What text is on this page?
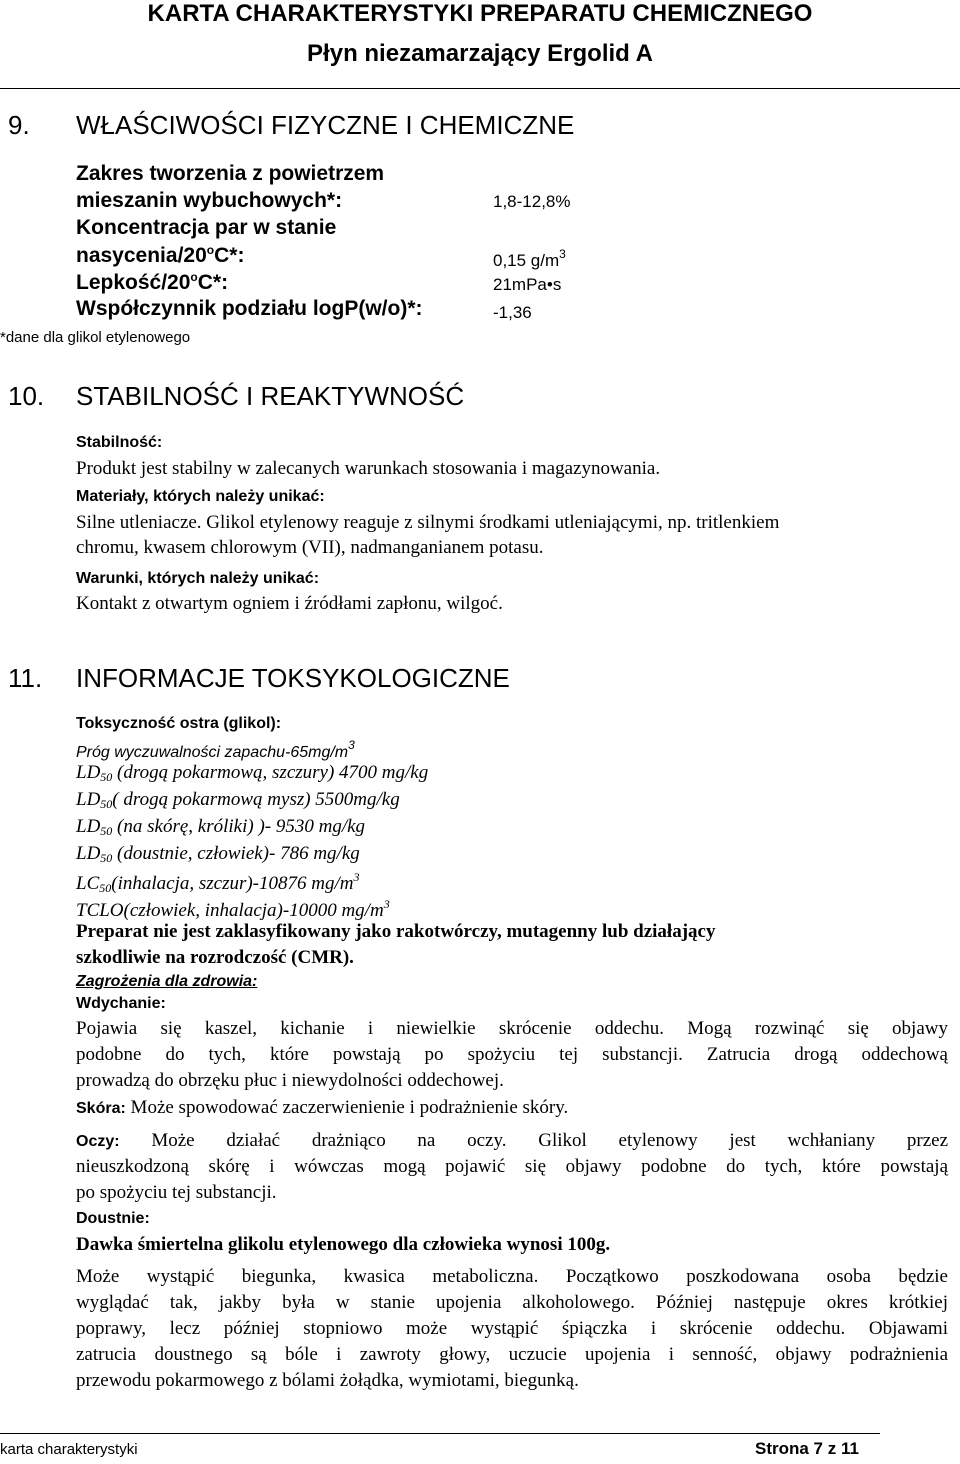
KARTA CHARAKTERYSTYKI PREPARATU CHEMICZNEGO
Płyn niezamarzający Ergolid A
9. WŁAŚCIWOŚCI FIZYCZNE I CHEMICZNE
Zakres tworzenia z powietrzem
mieszanin wybuchowych*:	1,8-12,8%
Koncentracja par w stanie
nasycenia/20$^o$C*:	0,15 $g/m^3$
Lepkość/20$^o$C*:	21mPa•s
Współczynnik podziału logP(w/o)*:	-1,36
*dane dla glikol etylenowego
10. STABILNOŚĆ I REAKTYWNOŚĆ
Stabilność:
Produkt jest stabilny w zalecanych warunkach stosowania i magazynowania.
Materiały, których należy unikać:
Silne utleniacze. Glikol etylenowy reaguje z silnymi środkami utleniającymi, np. tritlenkiem
chromu, kwasem chlorowym (VII), nadmanganianem potasu.
Warunki, których należy unikać:
Kontakt z otwartym ogniem i źródłami zapłonu, wilgoć.
11. INFORMACJE TOKSYKOLOGICZNE
Toksyczność ostra (glikol):
Próg wyczuwalności zapachu-$65mg/m^3$
$LD_{50}$ (drogą pokarmową, szczury) 4700 mg/kg
$LD_{50}$( drogą pokarmową mysz) 5500mg/kg
$LD_{50}$ (na skórę, króliki) )- 9530 mg/kg
$LD_{50}$ (doustnie, człowiek)- 786 mg/kg
$LC_{50}(inhalacja$, szczur)-10876 $mg/m^3$
TCLO(człowiek, inhalacja)-10000 $mg/m^3$
Preparat nie jest zaklasyfikowany jako rakotwórczy, mutagenny lub działający
szkodliwie na rozrodczość (CMR).
Zagrożenia dla zdrowia:
Wdychanie:
Pojawia się kaszel, kichanie i niewielkie skrócenie oddechu. Mogą rozwinąć się objawy
podobne do tych, które powstają po spożyciu tej substancji. Zatrucia drogą oddechową
prowadzą do obrzęku płuc i niewydolności oddechowej.
Skóra: Może spowodować zaczerwienienie i podrażnienie skóry.
Oczy: Może działać drażniąco na oczy. Glikol etylenowy jest wchłaniany przez
nieuszkodzoną skórę i wówczas mogą pojawić się objawy podobne do tych, które powstają
po spożyciu tej substancji.
Doustnie:
Dawka śmiertelna glikolu etylenowego dla człowieka wynosi 100g.
Może wystąpić biegunka, kwasica metaboliczna. Początkowo poszkodowana osoba będzie
wyglądać tak, jakby była w stanie upojenia alkoholowego. Później następuje okres krótkiej
poprawy, lecz później stopniowo może wystąpić śpiączka i skrócenie oddechu. Objawami
zatrucia doustnego są bóle i zawroty głowy, uczucie upojenia i senność, objawy podrażnienia
przewodu pokarmowego z bólami żołądka, wymiotami, biegunką.
karta charakterystyki	Strona 7 z 11
